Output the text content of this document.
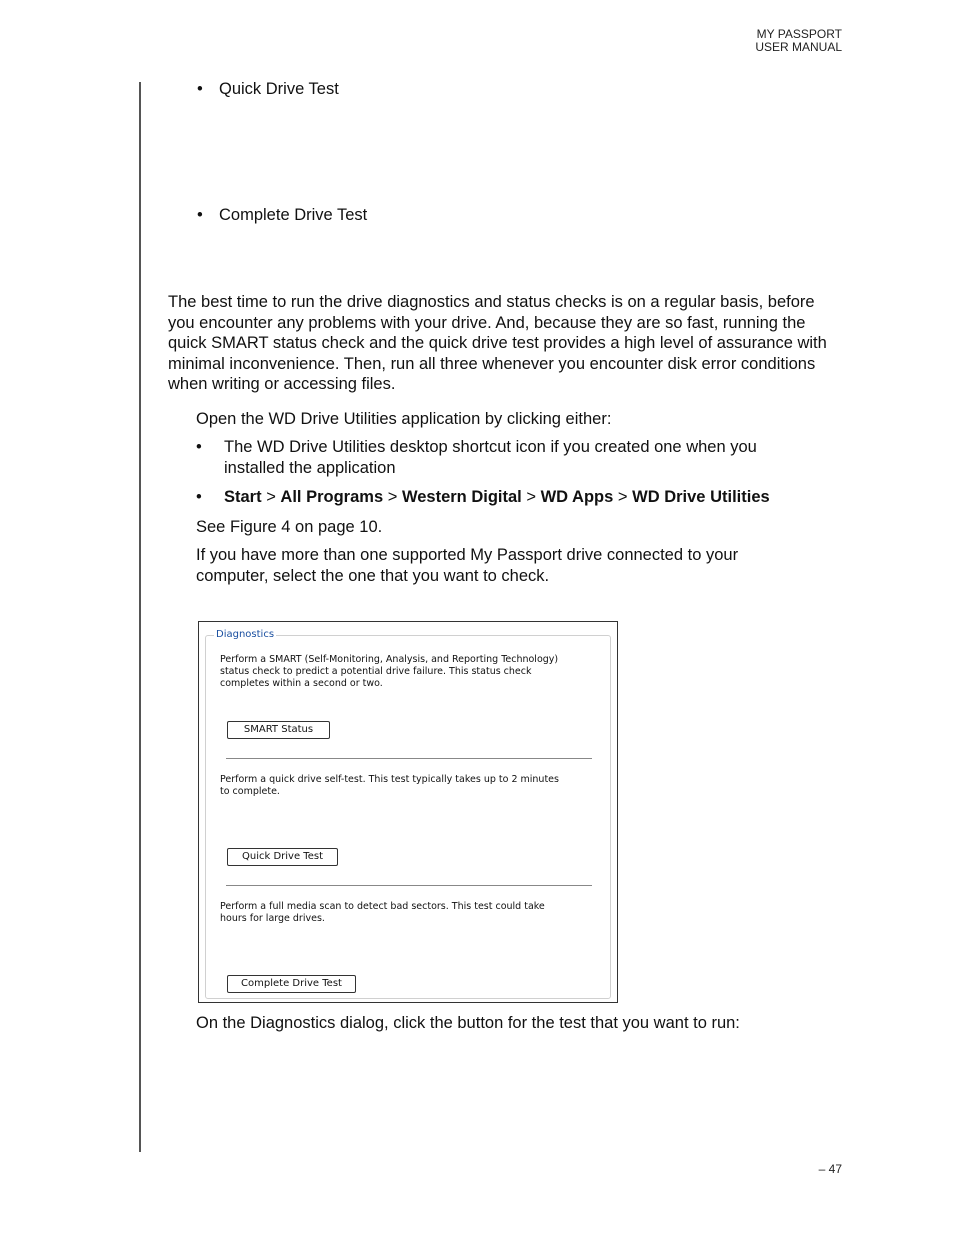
MY PASSPORT
USER MANUAL
• Quick Drive Test
• Complete Drive Test
The best time to run the drive diagnostics and status checks is on a regular basis, before you encounter any problems with your drive. And, because they are so fast, running the quick SMART status check and the quick drive test provides a high level of assurance with minimal inconvenience. Then, run all three whenever you encounter disk error conditions when writing or accessing files.
Open the WD Drive Utilities application by clicking either:
• The WD Drive Utilities desktop shortcut icon if you created one when you installed the application
• Start > All Programs > Western Digital > WD Apps > WD Drive Utilities
See Figure 4 on page 10.
If you have more than one supported My Passport drive connected to your computer, select the one that you want to check.
Diagnostics
Perform a SMART (Self-Monitoring, Analysis, and Reporting Technology) status check to predict a potential drive failure. This status check completes within a second or two.
SMART Status
Perform a quick drive self-test. This test typically takes up to 2 minutes to complete.
Quick Drive Test
Perform a full media scan to detect bad sectors. This test could take hours for large drives.
Complete Drive Test
On the Diagnostics dialog, click the button for the test that you want to run:
– 47
